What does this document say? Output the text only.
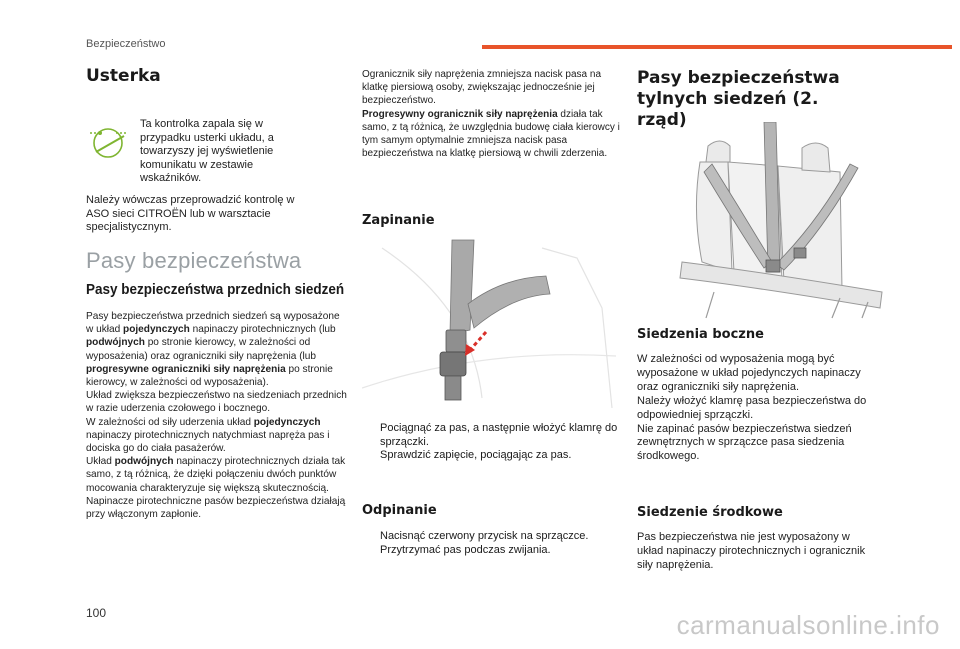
Bezpieczeństwo
Usterka
Ta kontrolka zapala się w przypadku usterki układu, a towarzyszy jej wyświetlenie komunikatu w zestawie wskaźników.
Należy wówczas przeprowadzić kontrolę w ASO sieci CITROËN lub w warsztacie specjalistycznym.
Pasy bezpieczeństwa
Pasy bezpieczeństwa przednich siedzeń
Pasy bezpieczeństwa przednich siedzeń są wyposażone w układ pojedynczych napinaczy pirotechnicznych (lub podwójnych po stronie kierowcy, w zależności od wyposażenia) oraz ograniczniki siły naprężenia (lub progresywne ograniczniki siły naprężenia po stronie kierowcy, w zależności od wyposażenia).
Układ zwiększa bezpieczeństwo na siedzeniach przednich w razie uderzenia czołowego i bocznego.
W zależności od siły uderzenia układ pojedynczych napinaczy pirotechnicznych natychmiast napręża pas i dociska go do ciała pasażerów.
Układ podwójnych napinaczy pirotechnicznych działa tak samo, z tą różnicą, że dzięki połączeniu dwóch punktów mocowania charakteryzuje się większą skutecznością.
Napinacze pirotechniczne pasów bezpieczeństwa działają przy włączonym zapłonie.
Ogranicznik siły naprężenia zmniejsza nacisk pasa na klatkę piersiową osoby, zwiększając jednocześnie jej bezpieczeństwo.
Progresywny ogranicznik siły naprężenia działa tak samo, z tą różnicą, że uwzględnia budowę ciała kierowcy i tym samym optymalnie zmniejsza nacisk pasa bezpieczeństwa na klatkę piersiową w chwili zderzenia.
Zapinanie
Pociągnąć za pas, a następnie włożyć klamrę do sprzączki.
Sprawdzić zapięcie, pociągając za pas.
Odpinanie
Nacisnąć czerwony przycisk na sprzączce.
Przytrzymać pas podczas zwijania.
Pasy bezpieczeństwa tylnych siedzeń (2. rząd)
Siedzenia boczne
W zależności od wyposażenia mogą być wyposażone w układ pojedynczych napinaczy oraz ograniczniki siły naprężenia.
Należy włożyć klamrę pasa bezpieczeństwa do odpowiedniej sprzączki.
Nie zapinać pasów bezpieczeństwa siedzeń zewnętrznych w sprzączce pasa siedzenia środkowego.
Siedzenie środkowe
Pas bezpieczeństwa nie jest wyposażony w układ napinaczy pirotechnicznych i ogranicznik siły naprężenia.
100	carmanualsonline.info
